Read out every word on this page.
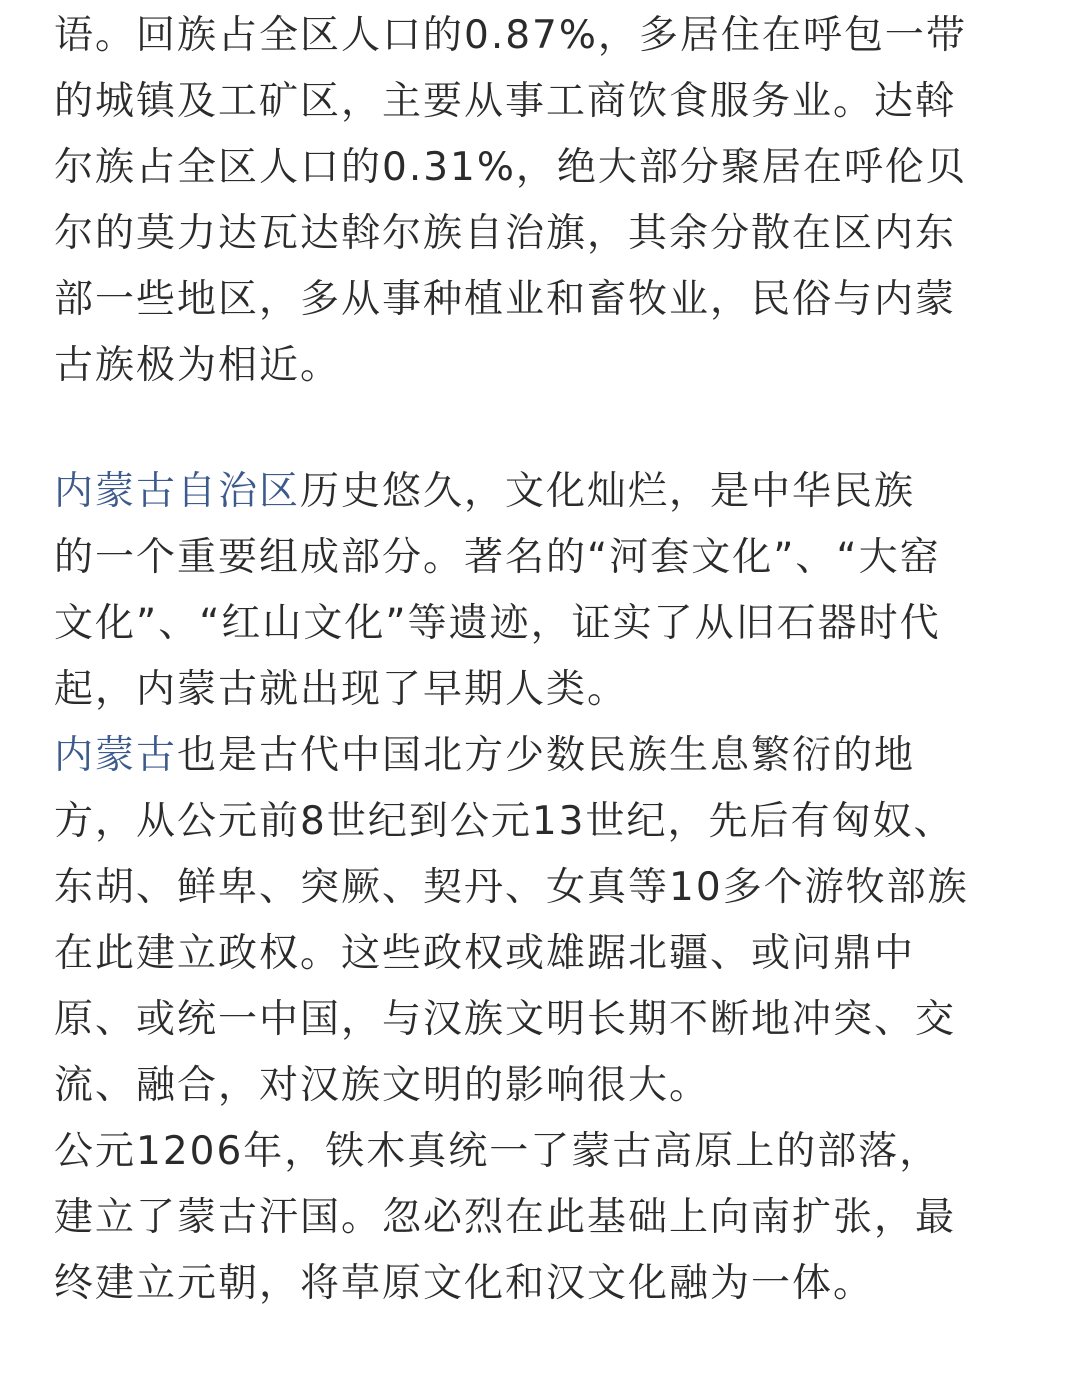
语。回族占全区人口的0.87%，多居住在呼包一带
的城镇及工矿区，主要从事工商饮食服务业。达斡
尔族占全区人口的0.31%，绝大部分聚居在呼伦贝
尔的莫力达瓦达斡尔族自治旗，其余分散在区内东
部一些地区，多从事种植业和畜牧业，民俗与内蒙
古族极为相近。
内蒙古自治区历史悠久，文化灿烂，是中华民族
的一个重要组成部分。著名的“河套文化”、“大窑
文化”、“红山文化”等遗迹，证实了从旧石器时代
起，内蒙古就出现了早期人类。
内蒙古也是古代中国北方少数民族生息繁衍的地
方，从公元前8世纪到公元13世纪，先后有匈奴、
东胡、鲜卑、突厥、契丹、女真等10多个游牧部族
在此建立政权。这些政权或雄踞北疆、或问鼎中
原、或统一中国，与汉族文明长期不断地冲突、交
流、融合，对汉族文明的影响很大。
公元1206年，铁木真统一了蒙古高原上的部落，
建立了蒙古汗国。忽必烈在此基础上向南扩张，最
终建立元朝，将草原文化和汉文化融为一体。
